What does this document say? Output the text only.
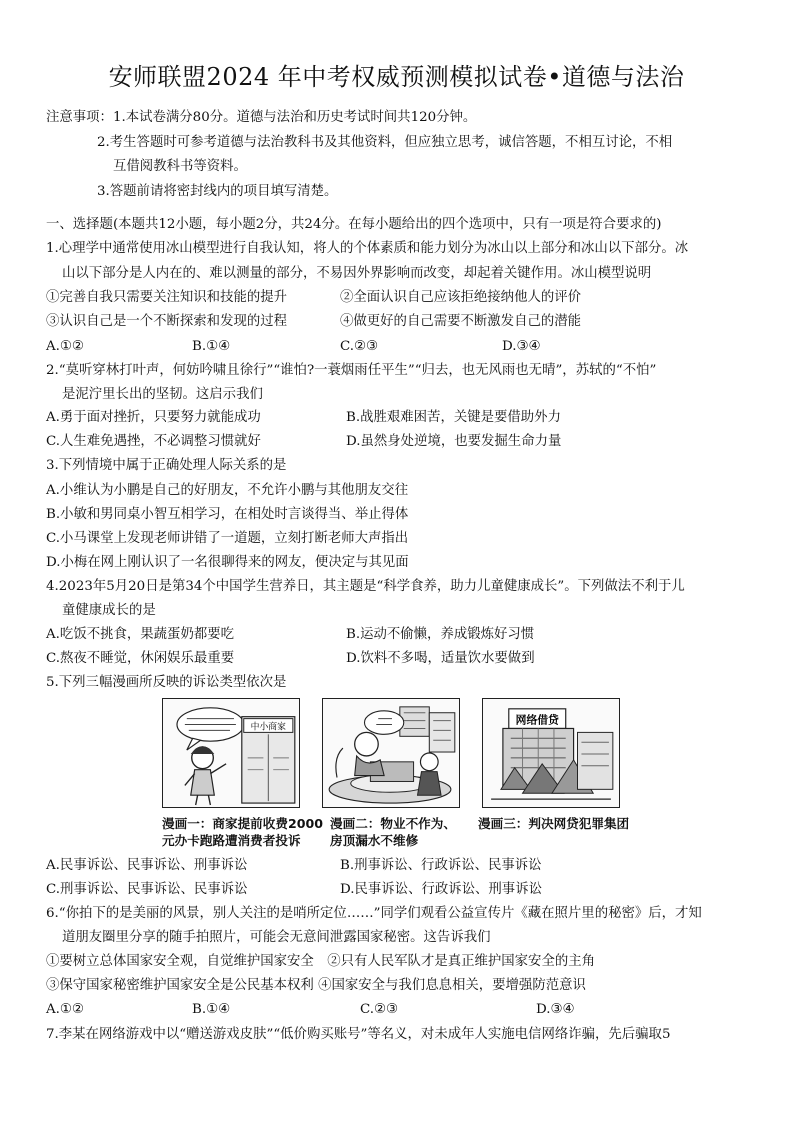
安师联盟2024 年中考权威预测模拟试卷•道德与法治
注意事项：1.本试卷满分80分。道德与法治和历史考试时间共120分钟。
2.考生答题时可参考道德与法治教科书及其他资料，但应独立思考，诚信答题，不相互讨论，不相
互借阅教科书等资料。
3.答题前请将密封线内的项目填写清楚。
一、选择题(本题共12小题，每小题2分，共24分。在每小题给出的四个选项中，只有一项是符合要求的)
1.心理学中通常使用冰山模型进行自我认知，将人的个体素质和能力划分为冰山以上部分和冰山以下部分。冰
山以下部分是人内在的、难以测量的部分，不易因外界影响而改变，却起着关键作用。冰山模型说明
①完善自我只需要关注知识和技能的提升	②全面认识自己应该拒绝接纳他人的评价
③认识自己是一个不断探索和发现的过程	④做更好的自己需要不断激发自己的潜能
A.①②	B.①④	C.②③	D.③④
2.“莫听穿林打叶声，何妨吟啸且徐行”“谁怕?一蓑烟雨任平生”“归去，也无风雨也无晴”，苏轼的“不怕”
是泥泞里长出的坚韧。这启示我们
A.勇于面对挫折，只要努力就能成功	B.战胜艰难困苦，关键是要借助外力
C.人生难免遇挫，不必调整习惯就好	D.虽然身处逆境，也要发掘生命力量
3.下列情境中属于正确处理人际关系的是
A.小维认为小鹏是自己的好朋友，不允许小鹏与其他朋友交往
B.小敏和男同桌小智互相学习，在相处时言谈得当、举止得体
C.小马课堂上发现老师讲错了一道题，立刻打断老师大声指出
D.小梅在网上刚认识了一名很聊得来的网友，便决定与其见面
4.2023年5月20日是第34个中国学生营养日，其主题是“科学食养，助力儿童健康成长”。下列做法不利于儿
童健康成长的是
A.吃饭不挑食，果蔬蛋奶都要吃	B.运动不偷懒，养成锻炼好习惯
C.熬夜不睡觉，休闲娱乐最重要	D.饮料不多喝，适量饮水要做到
5.下列三幅漫画所反映的诉讼类型依次是
中小商家
网络借贷
漫画一：商家提前收费2000
元办卡跑路遭消费者投诉
漫画二：物业不作为、
房顶漏水不维修
漫画三：判决网贷犯罪集团
A.民事诉讼、民事诉讼、刑事诉讼	B.刑事诉讼、行政诉讼、民事诉讼
C.刑事诉讼、民事诉讼、民事诉讼	D.民事诉讼、行政诉讼、刑事诉讼
6.“你拍下的是美丽的风景，别人关注的是哨所定位……”同学们观看公益宣传片《藏在照片里的秘密》后，才知
道朋友圈里分享的随手拍照片，可能会无意间泄露国家秘密。这告诉我们
①要树立总体国家安全观，自觉维护国家安全　②只有人民军队才是真正维护国家安全的主角
③保守国家秘密维护国家安全是公民基本权利 ④国家安全与我们息息相关，要增强防范意识
A.①②	B.①④	C.②③	D.③④
7.李某在网络游戏中以“赠送游戏皮肤”“低价购买账号”等名义，对未成年人实施电信网络诈骗，先后骗取5
